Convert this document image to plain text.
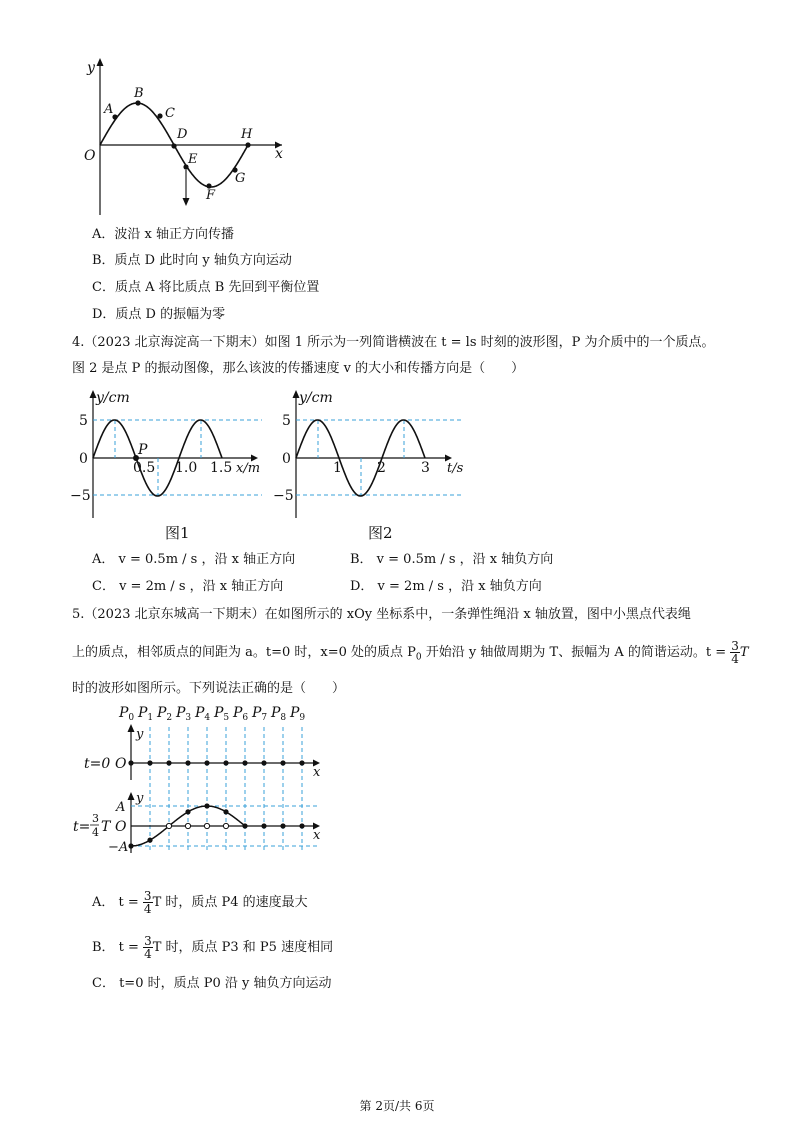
y
x
O
A
B
C
D
E
F
G
H
A．波沿 x 轴正方向传播
B．质点 D 此时向 y 轴负方向运动
C．质点 A 将比质点 B 先回到平衡位置
D．质点 D 的振幅为零
4.（2023 北京海淀高一下期末）如图 1 所示为一列简谐横波在 t = ls 时刻的波形图，P 为介质中的一个质点。
图 2 是点 P 的振动图像，那么该波的传播速度 v 的大小和传播方向是（　　）
y/cm
x/m
P
5
0
−5
0.5 1.0 1.5
图1
y/cm
t/s
5
0
−5
1	2	3
图2
A． v = 0.5m / s ，沿 x 轴正方向	B． v = 0.5m / s ，沿 x 轴负方向
C． v = 2m / s ，沿 x 轴正方向	D． v = 2m / s ，沿 x 轴负方向
5.（2023 北京东城高一下期末）在如图所示的 xOy 坐标系中，一条弹性绳沿 x 轴放置，图中小黑点代表绳
上的质点，相邻质点的间距为 a。t=0 时，x=0 处的质点 $P_0$ 开始沿 y 轴做周期为 T、振幅为 A 的简谐运动。$t = \frac{3}{4}$ T
时的波形如图所示。下列说法正确的是（　　）
$P_0$ $P_1$ $P_2$ $P_3$ $P_4$ $P_5$ $P_6$ $P_7$ $P_8$ $P_9$
t=0 O
y
x
y
x
A
O
−A
t=
3
4 T
A． $t = \frac{3}{4}$ T 时，质点 P4 的速度最大
B． $t = \frac{3}{4}$ T 时，质点 P3 和 P5 速度相同
C． t=0 时，质点 P0 沿 y 轴负方向运动
第 2页/共 6页
